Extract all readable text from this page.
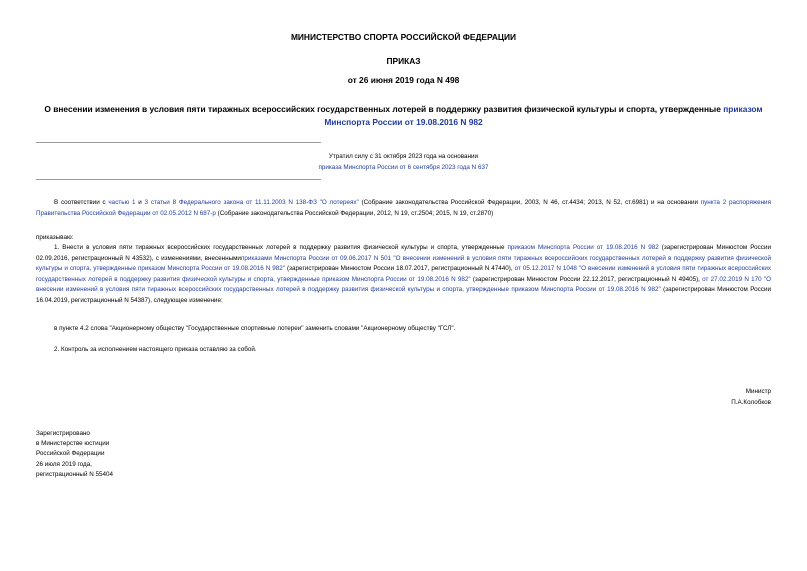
МИНИСТЕРСТВО СПОРТА РОССИЙСКОЙ ФЕДЕРАЦИИ
ПРИКАЗ
от 26 июня 2019 года N 498
О внесении изменения в условия пяти тиражных всероссийских государственных лотерей в поддержку развития физической культуры и спорта, утвержденные приказом Минспорта России от 19.08.2016 N 982
Утратил силу с 31 октября 2023 года на основании
приказа Минспорта России от 6 сентября 2023 года N 637
В соответствии с частью 1 и 3 статьи 8 Федерального закона от 11.11.2003 N 138-ФЗ "О лотереях" (Собрание законодательства Российской Федерации, 2003, N 46, ст.4434; 2013, N 52, ст.6981) и на основании пункта 2 распоряжения Правительства Российской Федерации от 02.05.2012 N 687-р (Собрание законодательства Российской Федерации, 2012, N 19, ст.2504; 2015, N 19, ст.2870)
приказываю:
1. Внести в условия пяти тиражных всероссийских государственных лотерей в поддержку развития физической культуры и спорта, утвержденные приказом Минспорта России от 19.08.2016 N 982 (зарегистрирован Минюстом России 02.09.2016, регистрационный N 43532), с изменениями, внесеннымиприказами Минспорта России от 09.06.2017 N 501 "О внесении изменений в условия пяти тиражных всероссийских государственных лотерей в поддержку развития физической культуры и спорта, утвержденные приказом Минспорта России от 19.08.2016 N 982" (зарегистрирован Минюстом России 18.07.2017, регистрационный N 47440), от 05.12.2017 N 1048 "О внесении изменений в условия пяти тиражных всероссийских государственных лотерей в поддержку развития физической культуры и спорта, утвержденные приказом Минспорта России от 19.08.2016 N 982" (зарегистрирован Минюстом России 22.12.2017, регистрационный N 49405), от 27.02.2019 N 170 "О внесении изменений в условия пяти тиражных всероссийских государственных лотерей в поддержку развития физической культуры и спорта, утвержденные приказом Минспорта России от 19.08.2016 N 982" (зарегистрирован Минюстом России 16.04.2019, регистрационный N 54387), следующее изменение:
в пункте 4.2 слова "Акционерному обществу "Государственные спортивные лотереи" заменить словами "Акционерному обществу "ГСЛ".
2. Контроль за исполнением настоящего приказа оставляю за собой.
Министр
П.А.Колобков
Зарегистрировано
в Министерстве юстиции
Российской Федерации
26 июля 2019 года,
регистрационный N 55404
